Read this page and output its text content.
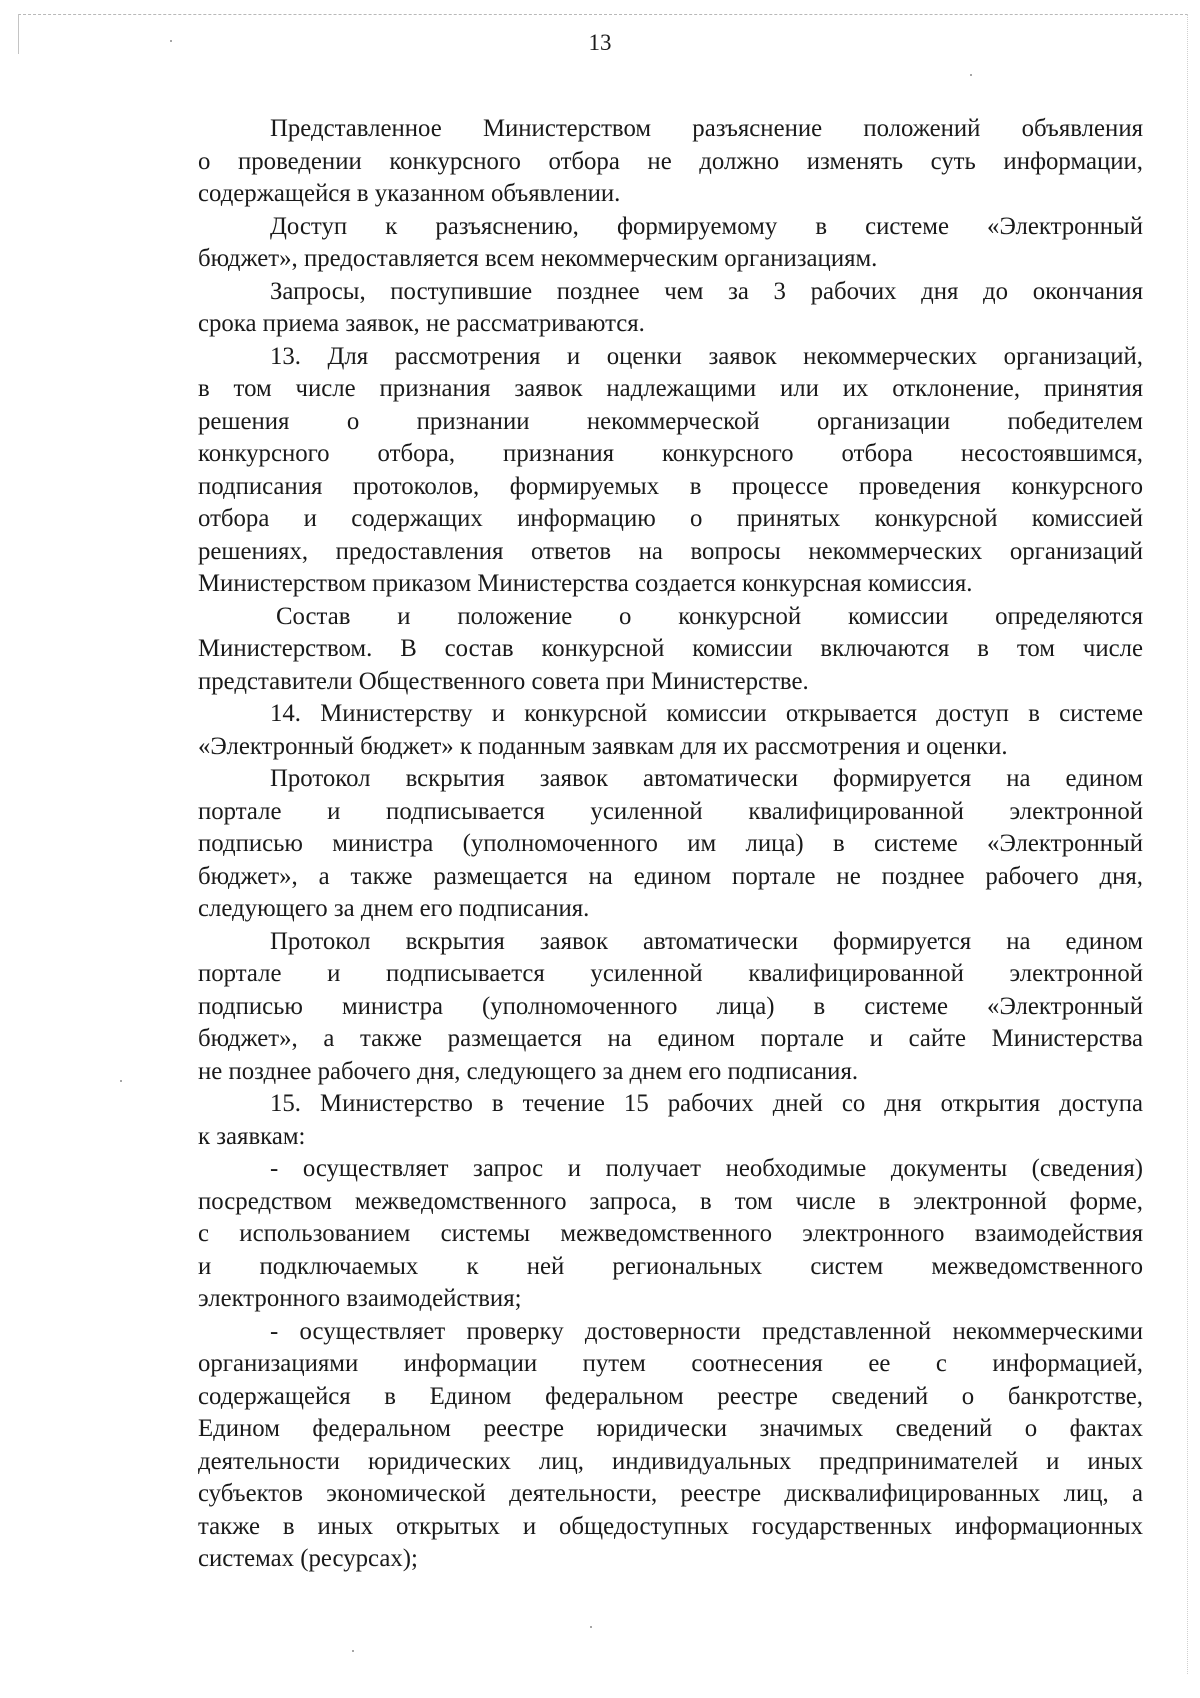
13
Представленное Министерством разъяснение положений объявления
о проведении конкурсного отбора не должно изменять суть информации,
содержащейся в указанном объявлении.
Доступ к разъяснению, формируемому в системе «Электронный
бюджет», предоставляется всем некоммерческим организациям.
Запросы, поступившие позднее чем за 3 рабочих дня до окончания
срока приема заявок, не рассматриваются.
13. Для рассмотрения и оценки заявок некоммерческих организаций,
в том числе признания заявок надлежащими или их отклонение, принятия
решения о признании некоммерческой организации победителем
конкурсного отбора, признания конкурсного отбора несостоявшимся,
подписания протоколов, формируемых в процессе проведения конкурсного
отбора и содержащих информацию о принятых конкурсной комиссией
решениях, предоставления ответов на вопросы некоммерческих организаций
Министерством приказом Министерства создается конкурсная комиссия.
Состав и положение о конкурсной комиссии определяются
Министерством. В состав конкурсной комиссии включаются в том числе
представители Общественного совета при Министерстве.
14. Министерству и конкурсной комиссии открывается доступ в системе
«Электронный бюджет» к поданным заявкам для их рассмотрения и оценки.
Протокол вскрытия заявок автоматически формируется на едином
портале и подписывается усиленной квалифицированной электронной
подписью министра (уполномоченного им лица) в системе «Электронный
бюджет», а также размещается на едином портале не позднее рабочего дня,
следующего за днем его подписания.
Протокол вскрытия заявок автоматически формируется на едином
портале и подписывается усиленной квалифицированной электронной
подписью министра (уполномоченного лица) в системе «Электронный
бюджет», а также размещается на едином портале и сайте Министерства
не позднее рабочего дня, следующего за днем его подписания.
15. Министерство в течение 15 рабочих дней со дня открытия доступа
к заявкам:
- осуществляет запрос и получает необходимые документы (сведения)
посредством межведомственного запроса, в том числе в электронной форме,
с использованием системы межведомственного электронного взаимодействия
и подключаемых к ней региональных систем межведомственного
электронного взаимодействия;
- осуществляет проверку достоверности представленной некоммерческими
организациями информации путем соотнесения ее с информацией,
содержащейся в Едином федеральном реестре сведений о банкротстве,
Едином федеральном реестре юридически значимых сведений о фактах
деятельности юридических лиц, индивидуальных предпринимателей и иных
субъектов экономической деятельности, реестре дисквалифицированных лиц, а
также в иных открытых и общедоступных государственных информационных
системах (ресурсах);
